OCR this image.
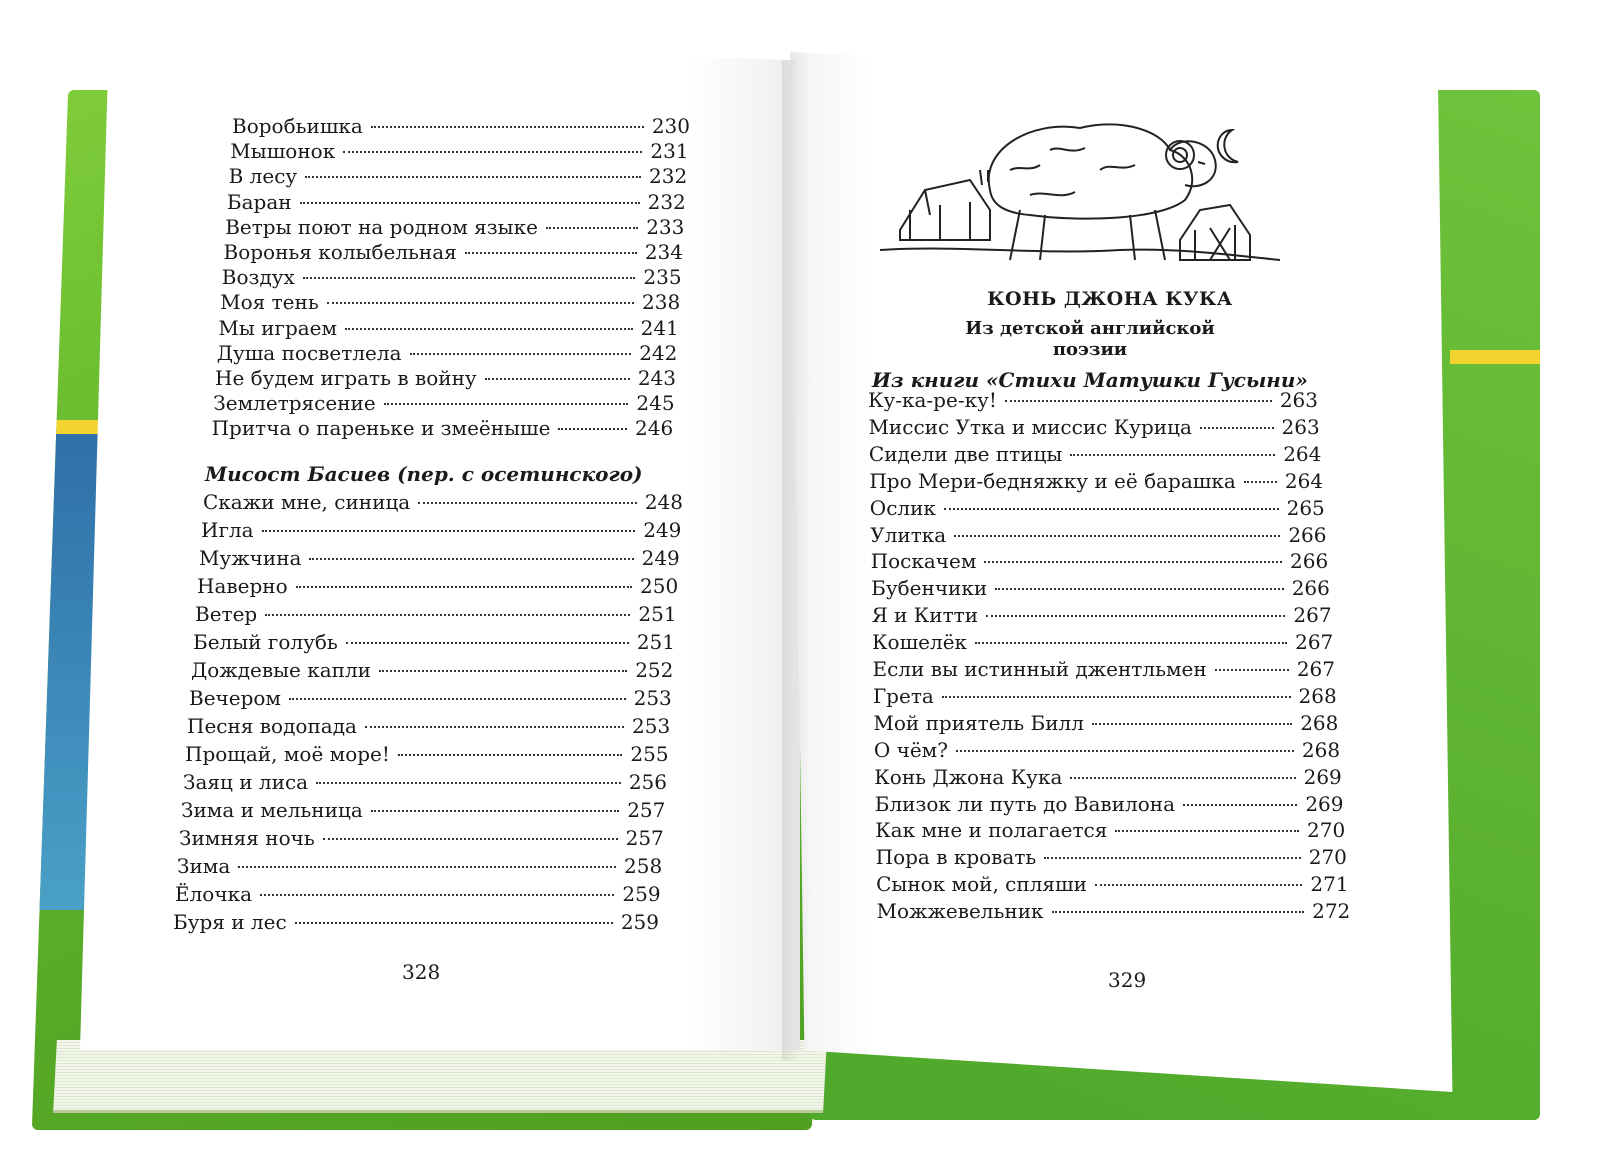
Воробьишка	230
Мышонок	231
В лесу	232
Баран	232
Ветры поют на родном языке	233
Воронья колыбельная	234
Воздух	235
Моя тень	238
Мы играем	241
Душа посветлела	242
Не будем играть в войну	243
Землетрясение	245
Притча о пареньке и змеёныше	246
Мисост Басиев (пер. с осетинского)
Скажи мне, синица	248
Игла	249
Мужчина	249
Наверно	250
Ветер	251
Белый голубь	251
Дождевые капли	252
Вечером	253
Песня водопада	253
Прощай, моё море!	255
Заяц и лиса	256
Зима и мельница	257
Зимняя ночь	257
Зима	258
Ёлочка	259
Буря и лес	259
328
КОНЬ ДЖОНА КУКА
Из детской английской поэзии
Из книги «Стихи Матушки Гусыни»
Ку-ка-ре-ку!	263
Миссис Утка и миссис Курица	263
Сидели две птицы	264
Про Мери-бедняжку и её барашка 264
Ослик	265
Улитка	266
Поскачем	266
Бубенчики	266
Я и Китти	267
Кошелёк	267
Если вы истинный джентльмен	267
Грета	268
Мой приятель Билл	268
О чём?	268
Конь Джона Кука	269
Близок ли путь до Вавилона	269
Как мне и полагается	270
Пора в кровать	270
Сынок мой, спляши	271
Можжевельник	272
329
